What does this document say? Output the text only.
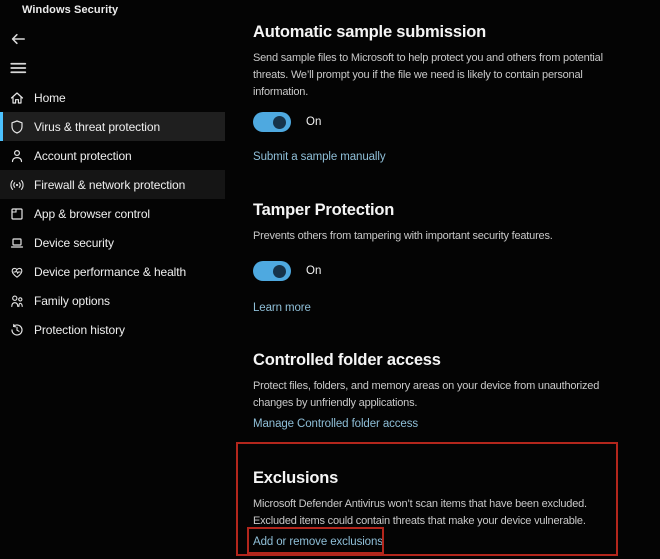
Windows Security
Home
Virus & threat protection
Account protection
Firewall & network protection
App & browser control
Device security
Device performance & health
Family options
Protection history
Automatic sample submission

Send sample files to Microsoft to help protect you and others from potential threats. We’ll prompt you if the file we need is likely to contain personal information.

On
Submit a sample manually
Tamper Protection

Prevents others from tampering with important security features.

On
Learn more
Controlled folder access

Protect files, folders, and memory areas on your device from unauthorized changes by unfriendly applications.

Manage Controlled folder access
Exclusions

Microsoft Defender Antivirus won’t scan items that have been excluded. Excluded items could contain threats that make your device vulnerable.

Add or remove exclusions
